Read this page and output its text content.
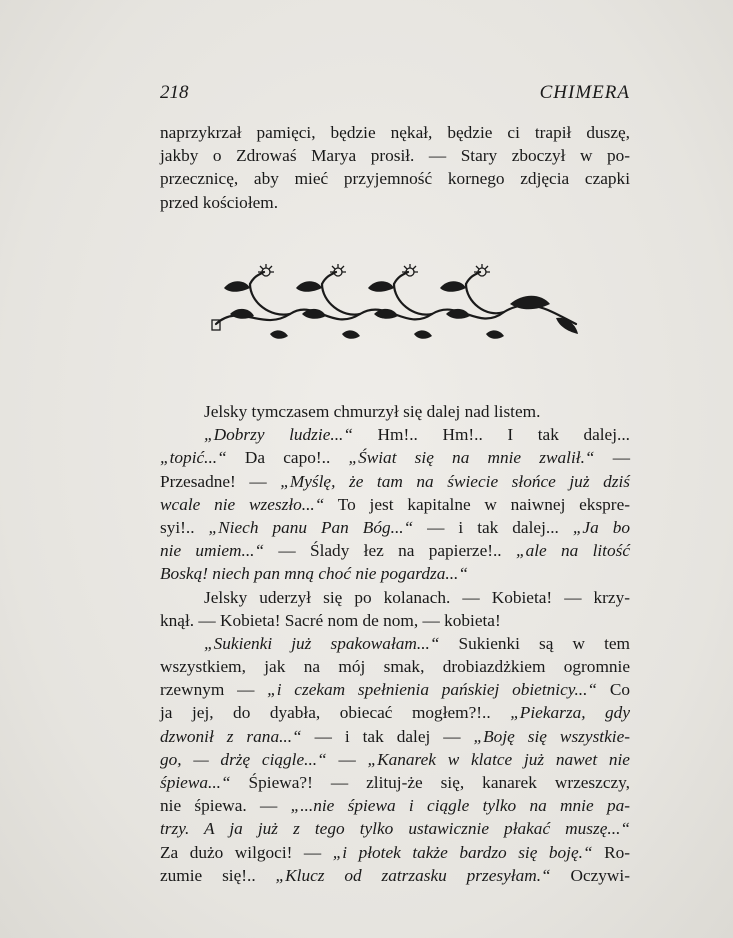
218	CHIMERA
naprzykrzał pamięci, będzie nękał, będzie ci trapił duszę,
jakby o Zdrowaś Marya prosił. — Stary zboczył w po-
przecznicę, aby mieć przyjemność kornego zdjęcia czapki
przed kościołem.
Jelsky tymczasem chmurzył się dalej nad listem.
„Dobrzy ludzie...“ Hm!.. Hm!.. I tak dalej...
„topić...“ Da capo!.. „Świat się na mnie zwalił.“ —
Przesadne! — „Myślę, że tam na świecie słońce już dziś
wcale nie wzeszło...“ To jest kapitalne w naiwnej ekspre-
syi!.. „Niech panu Pan Bóg...“ — i tak dalej... „Ja bo
nie umiem...“ — Ślady łez na papierze!.. „ale na litość
Boską! niech pan mną choć nie pogardza...“
Jelsky uderzył się po kolanach. — Kobieta! — krzy-
knął. — Kobieta! Sacré nom de nom, — kobieta!
„Sukienki już spakowałam...“ Sukienki są w tem
wszystkiem, jak na mój smak, drobiazdżkiem ogromnie
rzewnym — „i czekam spełnienia pańskiej obietnicy...“ Co
ja jej, do dyabła, obiecać mogłem?!.. „Piekarza, gdy
dzwonił z rana...“ — i tak dalej — „Boję się wszystkie-
go, — drżę ciągle...“ — „Kanarek w klatce już nawet nie
śpiewa...“ Śpiewa?! — zlituj-że się, kanarek wrzeszczy,
nie śpiewa. — „...nie śpiewa i ciągle tylko na mnie pa-
trzy. A ja już z tego tylko ustawicznie płakać muszę...“
Za dużo wilgoci! — „i płotek także bardzo się boję.“ Ro-
zumie się!.. „Klucz od zatrzasku przesyłam.“ Oczywi-
